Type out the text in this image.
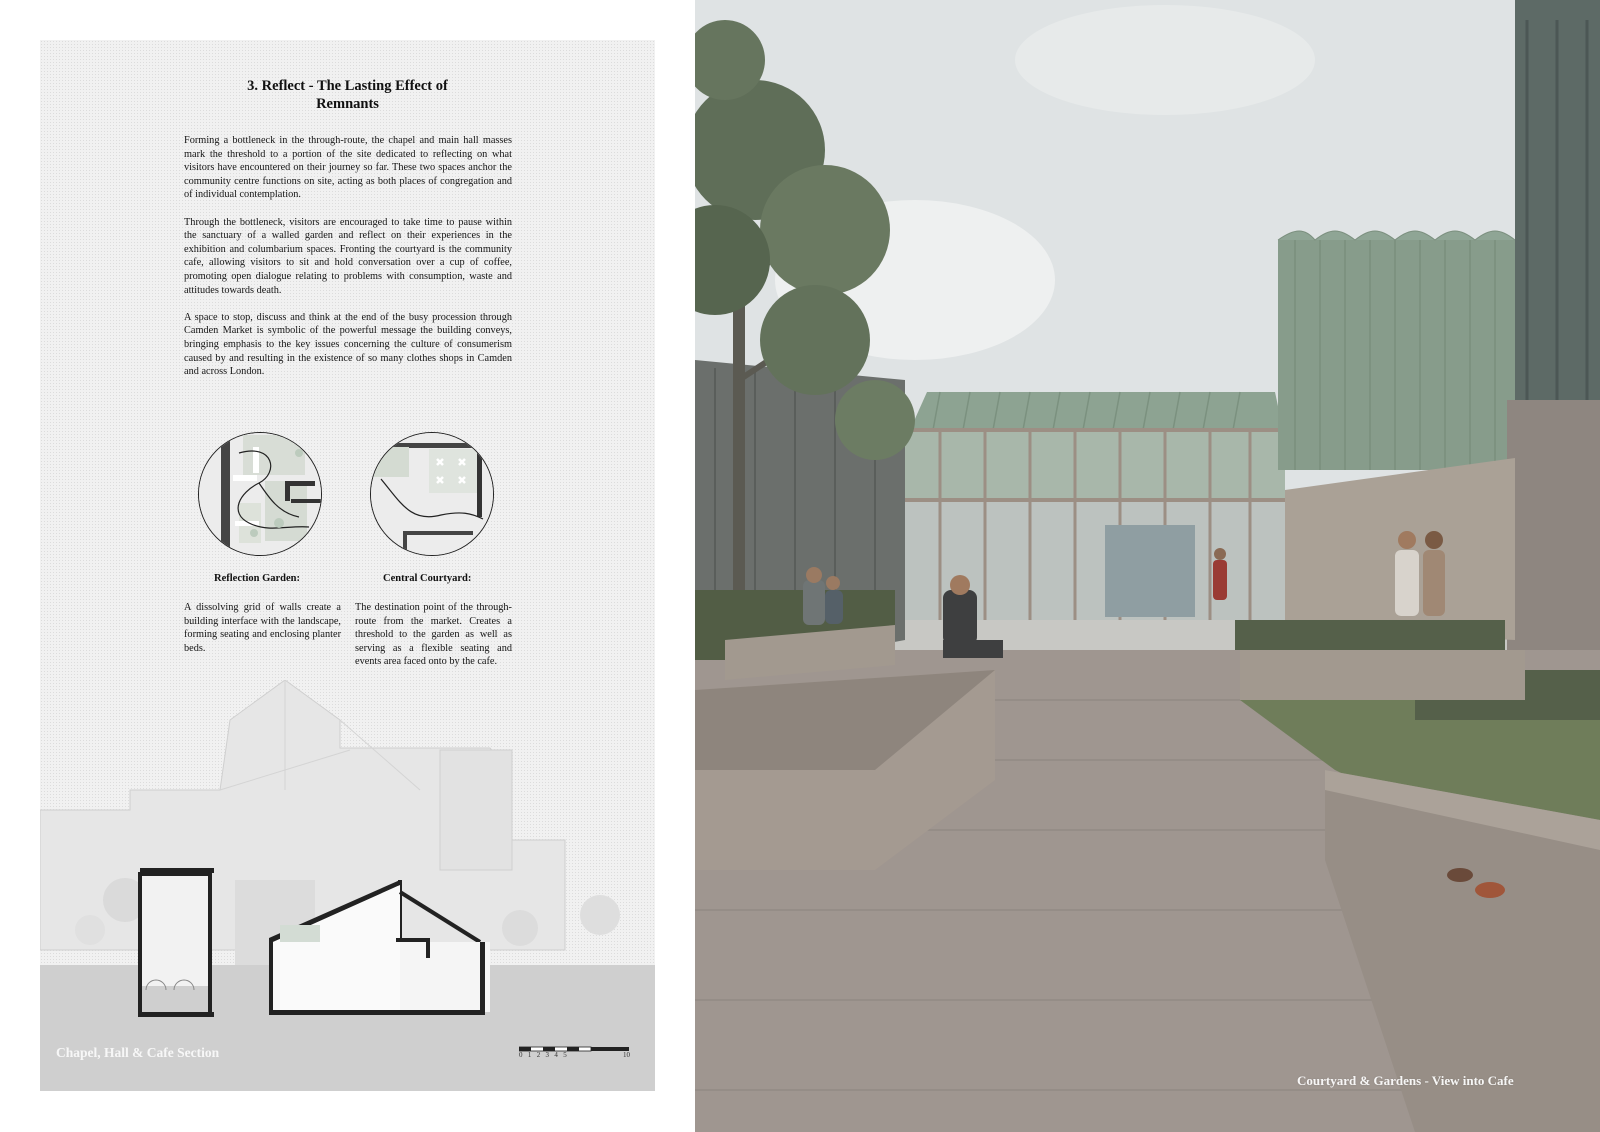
3. Reflect - The Lasting Effect of
Remnants

Forming a bottleneck in the through-route, the chapel and main hall masses mark the threshold to a portion of the site dedicated to reflecting on what visitors have encountered on their journey so far. These two spaces anchor the community centre functions on site, acting as both places of congregation and of individual contemplation.

Through the bottleneck, visitors are encouraged to take time to pause within the sanctuary of a walled garden and reflect on their experiences in the exhibition and columbarium spaces. Fronting the courtyard is the community cafe, allowing visitors to sit and hold conversation over a cup of coffee, promoting open dialogue relating to problems with consumption, waste and attitudes towards death.

A space to stop, discuss and think at the end of the busy procession through Camden Market is symbolic of the powerful message the building conveys, bringing emphasis to the key issues concerning the culture of consumerism caused by and resulting in the existence of so many clothes shops in Camden and across London.

Reflection Garden:	Central Courtyard:
A dissolving grid of walls create a building interface with the landscape, forming seating and enclosing planter beds.
The destination point of the through-route from the market. Creates a threshold to the garden as well as serving as a flexible seating and events area faced onto by the cafe.
Chapel, Hall & Cafe Section	0 1 2 3 4 5	10
Courtyard & Gardens - View into Cafe
